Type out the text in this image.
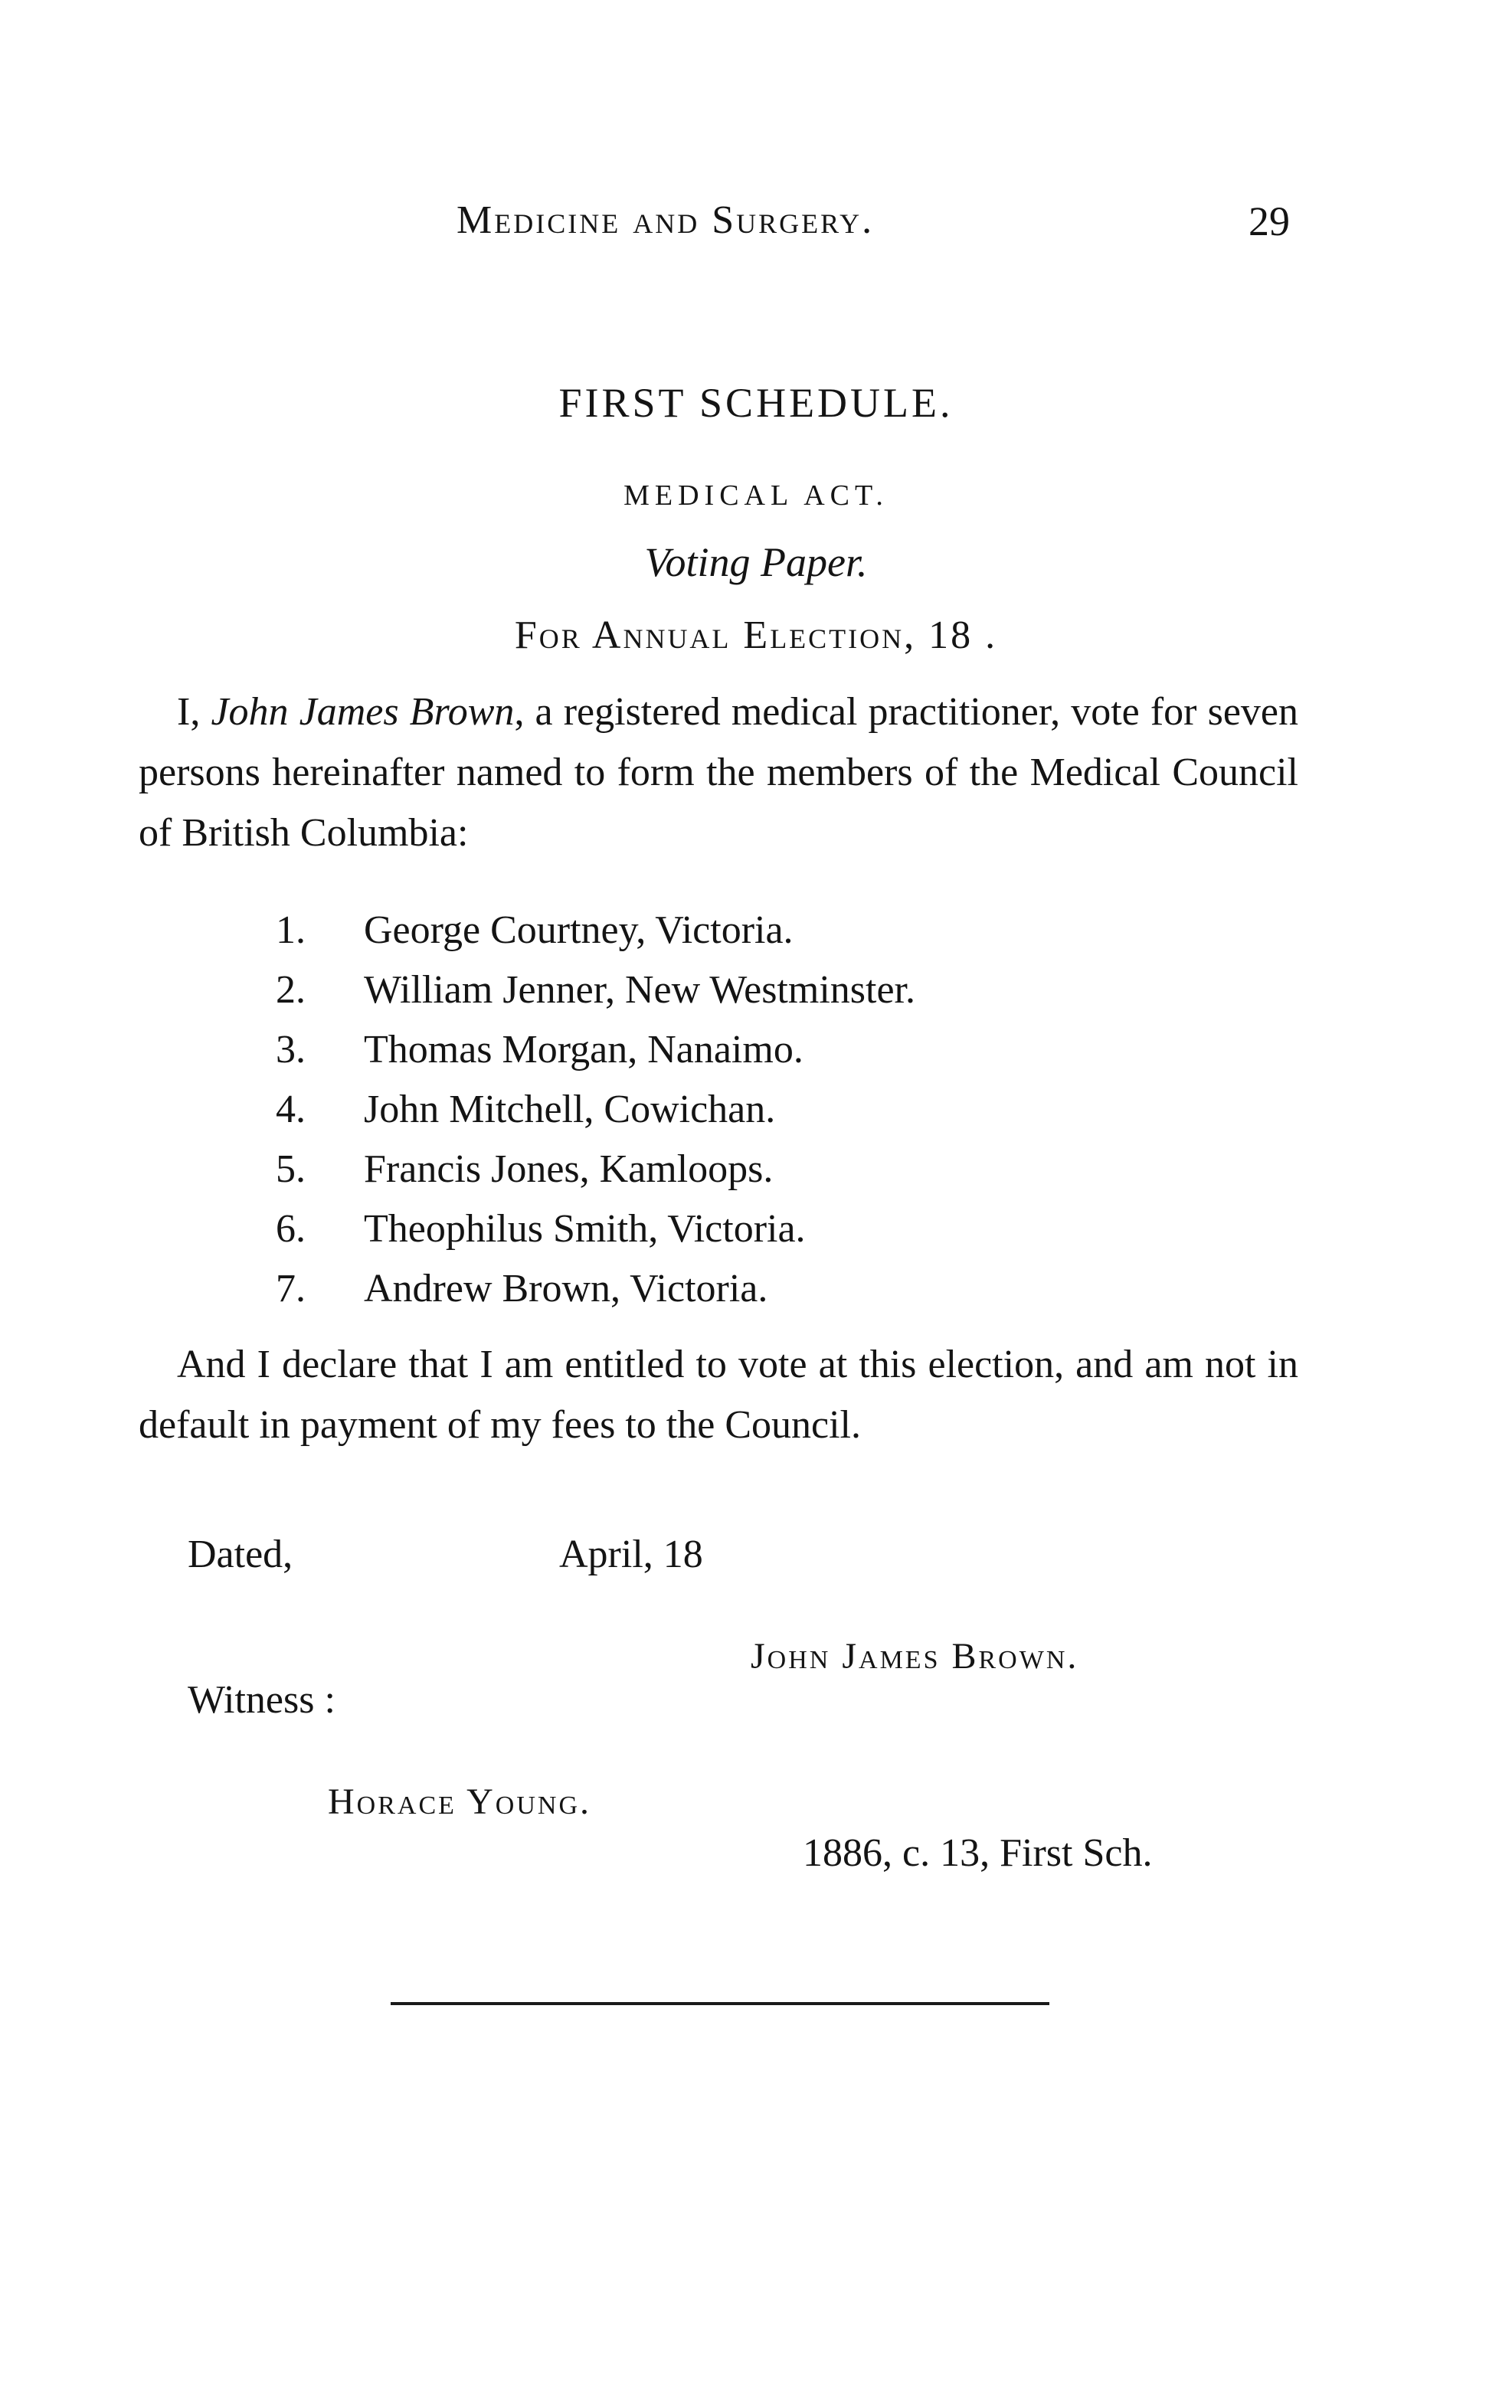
Medicine and Surgery.	29
FIRST SCHEDULE.
MEDICAL ACT.
Voting Paper.
For Annual Election, 18 .

I, John James Brown, a registered medical practitioner, vote for seven persons hereinafter named to form the members of the Medical Council of British Columbia:

1. George Courtney, Victoria.
2. William Jenner, New Westminster.
3. Thomas Morgan, Nanaimo.
4. John Mitchell, Cowichan.
5. Francis Jones, Kamloops.
6. Theophilus Smith, Victoria.
7. Andrew Brown, Victoria.

And I declare that I am entitled to vote at this election, and am not in default in payment of my fees to the Council.

Dated,	April, 18
John James Brown.
Witness :
Horace Young.
1886, c. 13, First Sch.
